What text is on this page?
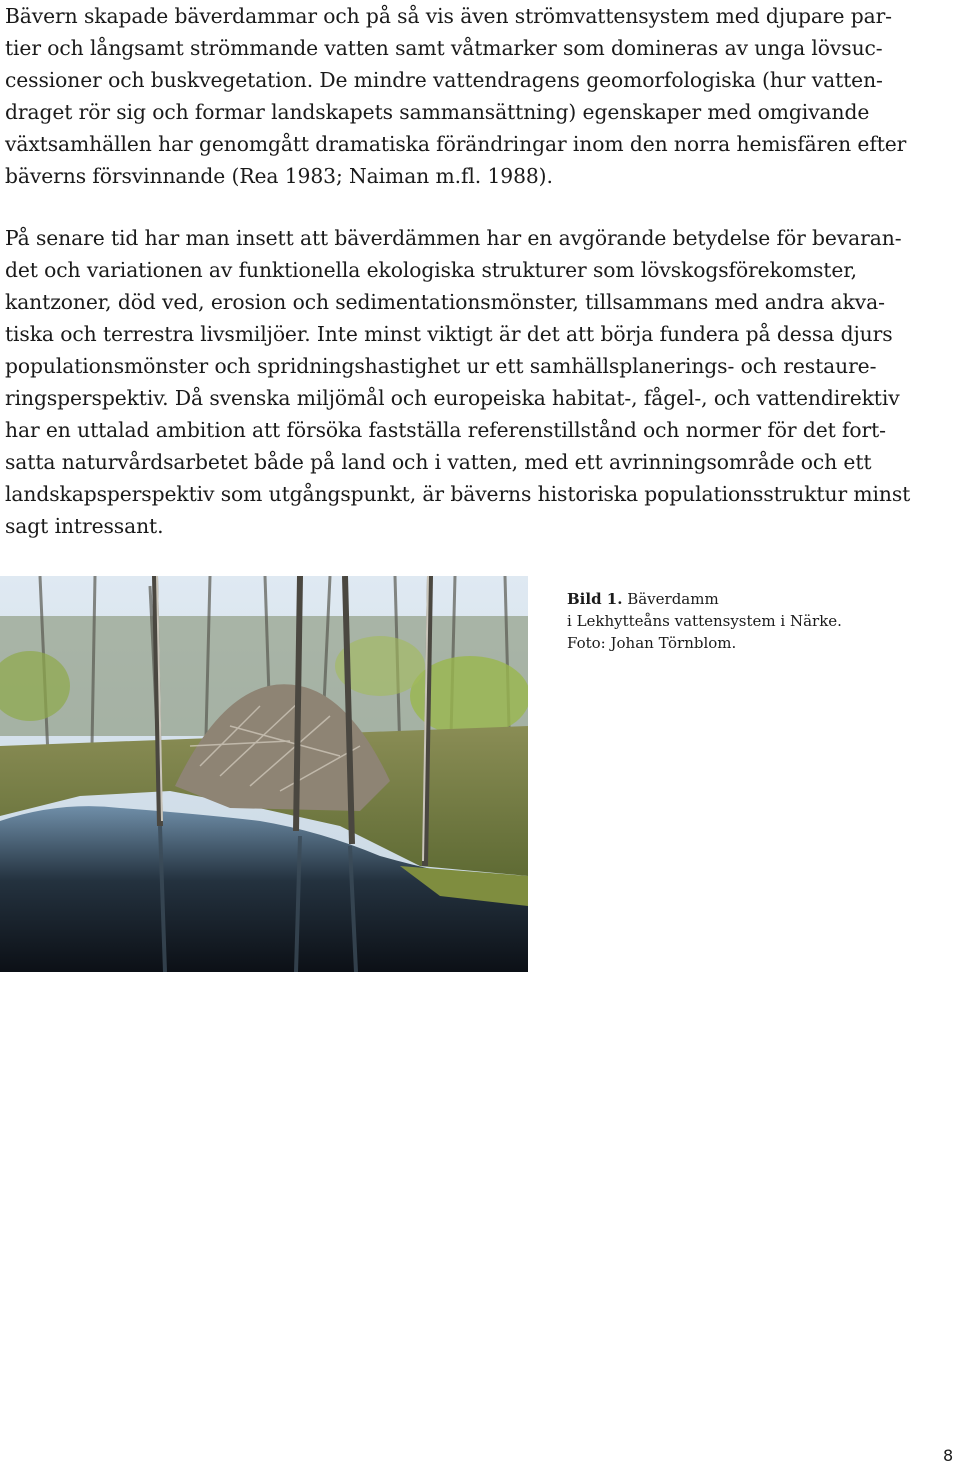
Bävern skapade bäverdammar och på så vis även strömvattensystem med djupare par-
tier och långsamt strömmande vatten samt våtmarker som domineras av unga lövsuc-
cessioner och buskvegetation. De mindre vattendragens geomorfologiska (hur vatten-
draget rör sig och formar landskapets sammansättning) egenskaper med omgivande
växtsamhällen har genomgått dramatiska förändringar inom den norra hemisfären efter
bäverns försvinnande (Rea 1983; Naiman m.fl. 1988).
På senare tid har man insett att bäverdämmen har en avgörande betydelse för bevaran-
det och variationen av funktionella ekologiska strukturer som lövskogsförekomster,
kantzoner, död ved, erosion och sedimentationsmönster, tillsammans med andra akva-
tiska och terrestra livsmiljöer. Inte minst viktigt är det att börja fundera på dessa djurs
populationsmönster och spridningshastighet ur ett samhällsplanerings- och restaure-
ringsperspektiv. Då svenska miljömål och europeiska habitat-, fågel-, och vattendirektiv
har en uttalad ambition att försöka fastställa referenstillstånd och normer för det fort-
satta naturvårdsarbetet både på land och i vatten, med ett avrinningsområde och ett
landskapsperspektiv som utgångspunkt, är bäverns historiska populationsstruktur minst
sagt intressant.
Bild 1. Bäverdamm
i Lekhytteåns vattensystem i Närke.
Foto: Johan Törnblom.
8
